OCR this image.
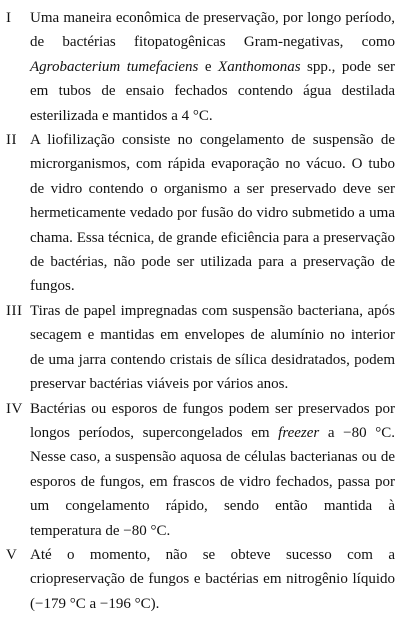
I	Uma maneira econômica de preservação, por longo período, de bactérias fitopatogênicas Gram-negativas, como Agrobacterium tumefaciens e Xanthomonas spp., pode ser em tubos de ensaio fechados contendo água destilada esterilizada e mantidos a 4 °C.
II A liofilização consiste no congelamento de suspensão de microrganismos, com rápida evaporação no vácuo. O tubo de vidro contendo o organismo a ser preservado deve ser hermeticamente vedado por fusão do vidro submetido a uma chama. Essa técnica, de grande eficiência para a preservação de bactérias, não pode ser utilizada para a preservação de fungos.
III Tiras de papel impregnadas com suspensão bacteriana, após secagem e mantidas em envelopes de alumínio no interior de uma jarra contendo cristais de sílica desidratados, podem preservar bactérias viáveis por vários anos.
IV Bactérias ou esporos de fungos podem ser preservados por longos períodos, supercongelados em freezer a −80 °C. Nesse caso, a suspensão aquosa de células bacterianas ou de esporos de fungos, em frascos de vidro fechados, passa por um congelamento rápido, sendo então mantida à temperatura de −80 °C.
V Até o momento, não se obteve sucesso com a criopreservação de fungos e bactérias em nitrogênio líquido (−179 °C a −196 °C).
